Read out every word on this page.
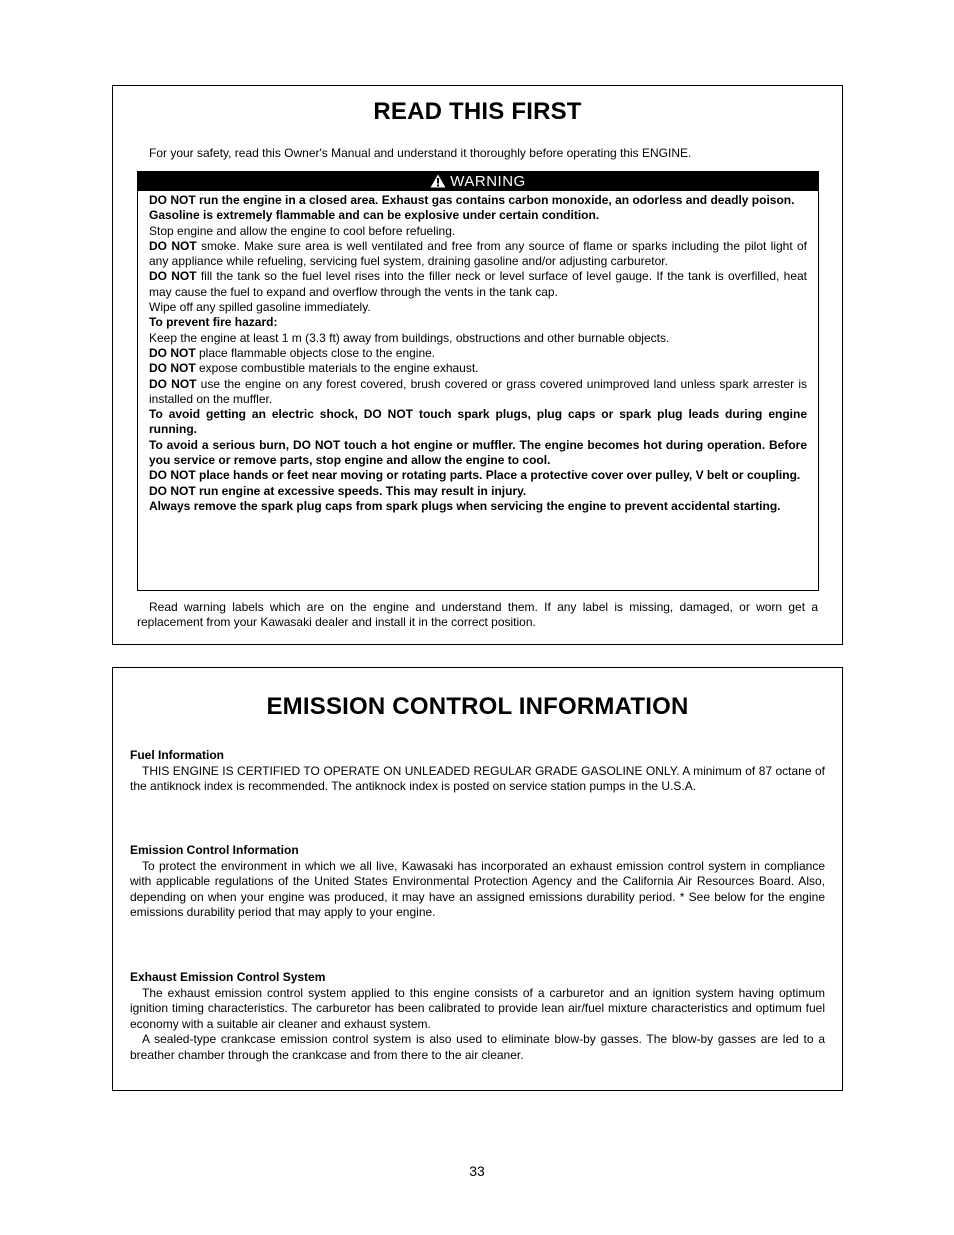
READ THIS FIRST
For your safety, read this Owner's Manual and understand it thoroughly before operating this ENGINE.
WARNING

DO NOT run the engine in a closed area. Exhaust gas contains carbon monoxide, an odorless and deadly poison.

Gasoline is extremely flammable and can be explosive under certain condition.

Stop engine and allow the engine to cool before refueling.

DO NOT smoke. Make sure area is well ventilated and free from any source of flame or sparks including the pilot light of any appliance while refueling, servicing fuel system, draining gasoline and/or adjusting carburetor.

DO NOT fill the tank so the fuel level rises into the filler neck or level surface of level gauge. If the tank is overfilled, heat may cause the fuel to expand and overflow through the vents in the tank cap.

Wipe off any spilled gasoline immediately.

To prevent fire hazard:

Keep the engine at least 1 m (3.3 ft) away from buildings, obstructions and other burnable objects.

DO NOT place flammable objects close to the engine.

DO NOT expose combustible materials to the engine exhaust.

DO NOT use the engine on any forest covered, brush covered or grass covered unimproved land unless spark arrester is installed on the muffler.

To avoid getting an electric shock, DO NOT touch spark plugs, plug caps or spark plug leads during engine running.

To avoid a serious burn, DO NOT touch a hot engine or muffler. The engine becomes hot during operation. Before you service or remove parts, stop engine and allow the engine to cool.

DO NOT place hands or feet near moving or rotating parts. Place a protective cover over pulley, V belt or coupling.

DO NOT run engine at excessive speeds. This may result in injury.

Always remove the spark plug caps from spark plugs when servicing the engine to prevent accidental starting.

Read warning labels which are on the engine and understand them. If any label is missing, damaged, or worn get a replacement from your Kawasaki dealer and install it in the correct position.

EMISSION CONTROL INFORMATION
Fuel Information

THIS ENGINE IS CERTIFIED TO OPERATE ON UNLEADED REGULAR GRADE GASOLINE ONLY. A minimum of 87 octane of the antiknock index is recommended. The antiknock index is posted on service station pumps in the U.S.A.

Emission Control Information

To protect the environment in which we all live, Kawasaki has incorporated an exhaust emission control system in compliance with applicable regulations of the United States Environmental Protection Agency and the California Air Resources Board. Also, depending on when your engine was produced, it may have an assigned emissions durability period. * See below for the engine emissions durability period that may apply to your engine.

Exhaust Emission Control System

The exhaust emission control system applied to this engine consists of a carburetor and an ignition system having optimum ignition timing characteristics. The carburetor has been calibrated to provide lean air/fuel mixture characteristics and optimum fuel economy with a suitable air cleaner and exhaust system.

A sealed-type crankcase emission control system is also used to eliminate blow-by gasses. The blow-by gasses are led to a breather chamber through the crankcase and from there to the air cleaner.

33
